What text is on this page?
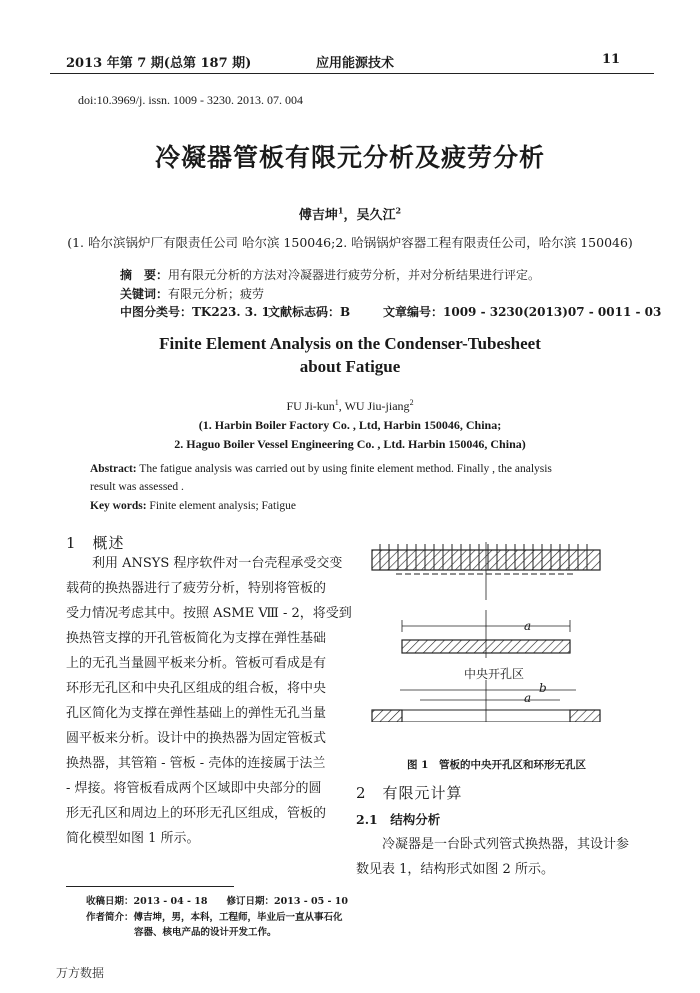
2013 年第 7 期(总第 187 期)	应用能源技术	11
doi:10.3969/j. issn. 1009 - 3230. 2013. 07. 004
冷凝器管板有限元分析及疲劳分析
傅吉坤$^1$，吴久江$^2$
(1. 哈尔滨锅炉厂有限责任公司 哈尔滨 150046;2. 哈锅锅炉容器工程有限责任公司，哈尔滨 150046)
摘　要：用有限元分析的方法对冷凝器进行疲劳分析，并对分析结果进行评定。
关键词：有限元分析；疲劳
中图分类号：TK223. 3. 1
文献标志码：B	文章编号：1009 - 3230(2013)07 - 0011 - 03
Finite Element Analysis on the Condenser-Tubesheet
about Fatigue
FU Ji-kun$^1$, WU Jiu-jiang$^2$
(1. Harbin Boiler Factory Co. , Ltd, Harbin 150046, China;
2. Haguo Boiler Vessel Engineering Co. , Ltd. Harbin 150046, China)
Abstract: The fatigue analysis was carried out by using finite element method. Finally , the analysis
result was assessed .
Key words: Finite element analysis; Fatigue
1　概述
　　利用 ANSYS 程序软件对一台壳程承受交变
载荷的换热器进行了疲劳分析，特别将管板的
受力情况考虑其中。按照 ASME Ⅷ - 2，将受到
换热管支撑的开孔管板简化为支撑在弹性基础
上的无孔当量圆平板来分析。管板可看成是有
环形无孔区和中央孔区组成的组合板，将中央
孔区简化为支撑在弹性基础上的弹性无孔当量
圆平板来分析。设计中的换热器为固定管板式
换热器，其管箱 - 管板 - 壳体的连接属于法兰
- 焊接。将管板看成两个区域即中央部分的圆
形无孔区和周边上的环形无孔区组成，管板的
简化模型如图 1 所示。
a
中央开孔区
b
a
图 1　管板的中央开孔区和环形无孔区
2　有限元计算
2.1　结构分析
　　冷凝器是一台卧式列管式换热器，其设计参
数见表 1，结构形式如图 2 所示。
收稿日期：2013 - 04 - 18　　修订日期：2013 - 05 - 10
作者简介：傅吉坤，男，本科，工程师，毕业后一直从事石化
容器、核电产品的设计开发工作。
万方数据
